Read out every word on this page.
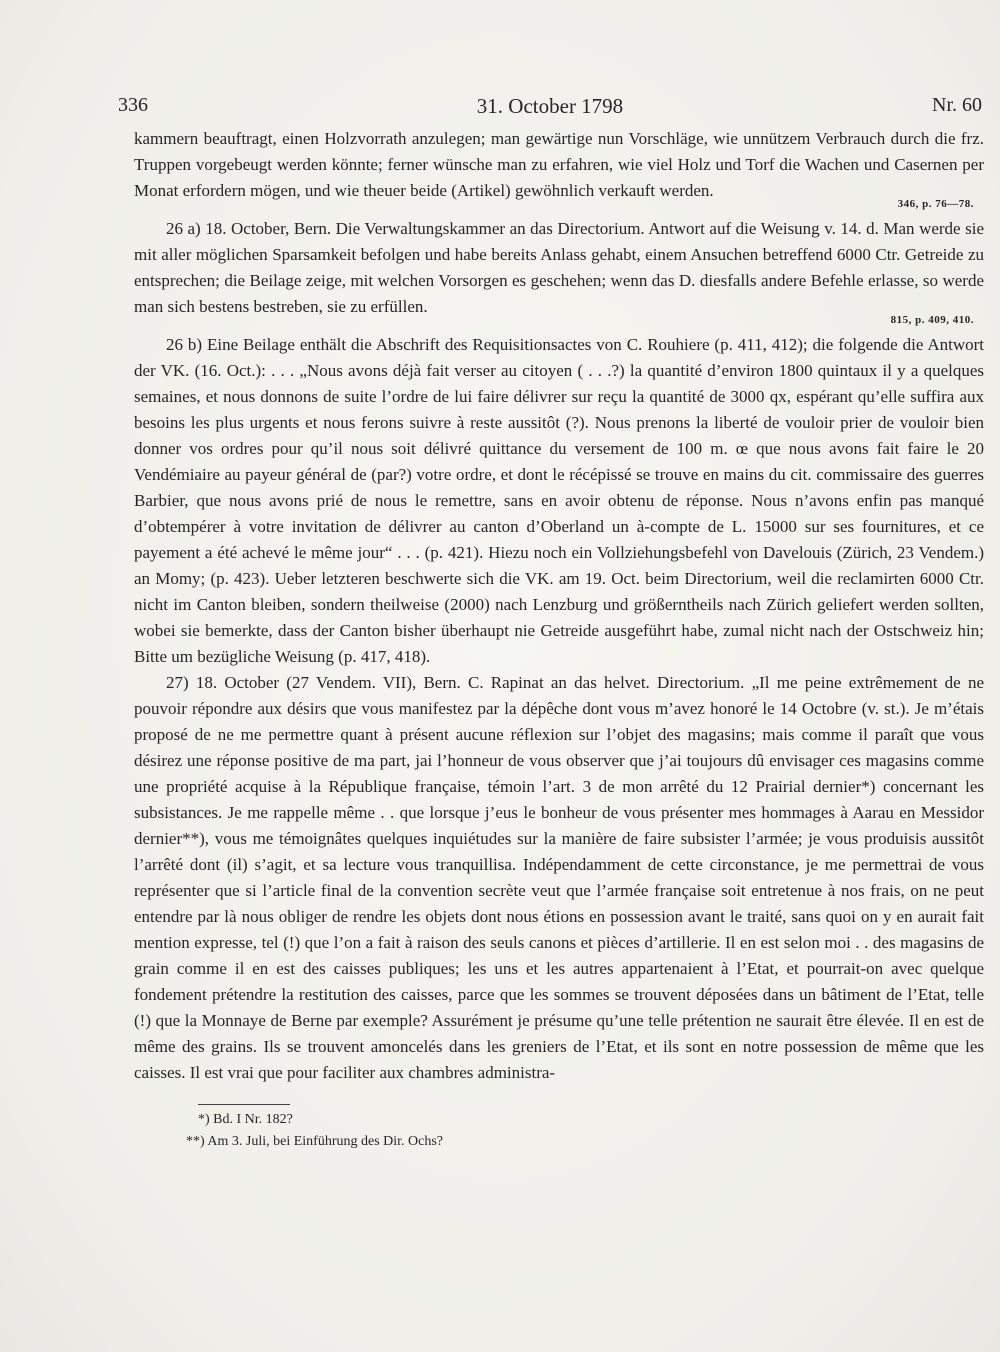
336	31. October 1798	Nr. 60

kammern beauftragt, einen Holzvorrath anzulegen; man gewärtige nun Vorschläge, wie unnützem Verbrauch durch die frz. Truppen vorgebeugt werden könnte; ferner wünsche man zu erfahren, wie viel Holz und Torf die Wachen und Casernen per Monat erfordern mögen, und wie theuer beide (Artikel) gewöhnlich verkauft werden.

346, p. 76—78.

26 a) 18. October, Bern. Die Verwaltungskammer an das Directorium. Antwort auf die Weisung v. 14. d. Man werde sie mit aller möglichen Sparsamkeit befolgen und habe bereits Anlass gehabt, einem Ansuchen betreffend 6000 Ctr. Getreide zu entsprechen; die Beilage zeige, mit welchen Vorsorgen es geschehen; wenn das D. diesfalls andere Befehle erlasse, so werde man sich bestens bestreben, sie zu erfüllen.

815, p. 409, 410.

26 b) Eine Beilage enthält die Abschrift des Requisitionsactes von C. Rouhiere (p. 411, 412); die folgende die Antwort der VK. (16. Oct.): . . . „Nous avons déjà fait verser au citoyen ( . . .?) la quantité d’environ 1800 quintaux il y a quelques semaines, et nous donnons de suite l’ordre de lui faire délivrer sur reçu la quantité de 3000 qx, espérant qu’elle suffira aux besoins les plus urgents et nous ferons suivre à reste aussitôt (?). Nous prenons la liberté de vouloir prier de vouloir bien donner vos ordres pour qu’il nous soit délivré quittance du versement de 100 m. œ que nous avons fait faire le 20 Vendémiaire au payeur général de (par?) votre ordre, et dont le récépissé se trouve en mains du cit. commissaire des guerres Barbier, que nous avons prié de nous le remettre, sans en avoir obtenu de réponse. Nous n’avons enfin pas manqué d’obtempérer à votre invitation de délivrer au canton d’Oberland un à-compte de L. 15000 sur ses fournitures, et ce payement a été achevé le même jour“ . . . (p. 421). Hiezu noch ein Vollziehungsbefehl von Davelouis (Zürich, 23 Vendem.) an Momy; (p. 423). Ueber letzteren beschwerte sich die VK. am 19. Oct. beim Directorium, weil die reclamirten 6000 Ctr. nicht im Canton bleiben, sondern theilweise (2000) nach Lenzburg und größerntheils nach Zürich geliefert werden sollten, wobei sie bemerkte, dass der Canton bisher überhaupt nie Getreide ausgeführt habe, zumal nicht nach der Ostschweiz hin; Bitte um bezügliche Weisung (p. 417, 418).

27) 18. October (27 Vendem. VII), Bern. C. Rapinat an das helvet. Directorium. „Il me peine extrêmement de ne pouvoir répondre aux désirs que vous manifestez par la dépêche dont vous m’avez honoré le 14 Octobre (v. st.). Je m’étais proposé de ne me permettre quant à présent aucune réflexion sur l’objet des magasins; mais comme il paraît que vous désirez une réponse positive de ma part, jai l’honneur de vous observer que j’ai toujours dû envisager ces magasins comme une propriété acquise à la République française, témoin l’art. 3 de mon arrêté du 12 Prairial dernier*) concernant les subsistances. Je me rappelle même . . que lorsque j’eus le bonheur de vous présenter mes hommages à Aarau en Messidor dernier**), vous me témoignâtes quelques inquiétudes sur la manière de faire subsister l’armée; je vous produisis aussitôt l’arrêté dont (il) s’agit, et sa lecture vous tranquillisa. Indépendamment de cette circonstance, je me permettrai de vous représenter que si l’article final de la convention secrète veut que l’armée française soit entretenue à nos frais, on ne peut entendre par là nous obliger de rendre les objets dont nous étions en possession avant le traité, sans quoi on y en aurait fait mention expresse, tel (!) que l’on a fait à raison des seuls canons et pièces d’artillerie. Il en est selon moi . . des magasins de grain comme il en est des caisses publiques; les uns et les autres appartenaient à l’Etat, et pourrait-on avec quelque fondement prétendre la restitution des caisses, parce que les sommes se trouvent déposées dans un bâtiment de l’Etat, telle (!) que la Monnaye de Berne par exemple? Assurément je présume qu’une telle prétention ne saurait être élevée. Il en est de même des grains. Ils se trouvent amoncelés dans les greniers de l’Etat, et ils sont en notre possession de même que les caisses. Il est vrai que pour faciliter aux chambres administra-

*) Bd. I Nr. 182?

**) Am 3. Juli, bei Einführung des Dir. Ochs?
